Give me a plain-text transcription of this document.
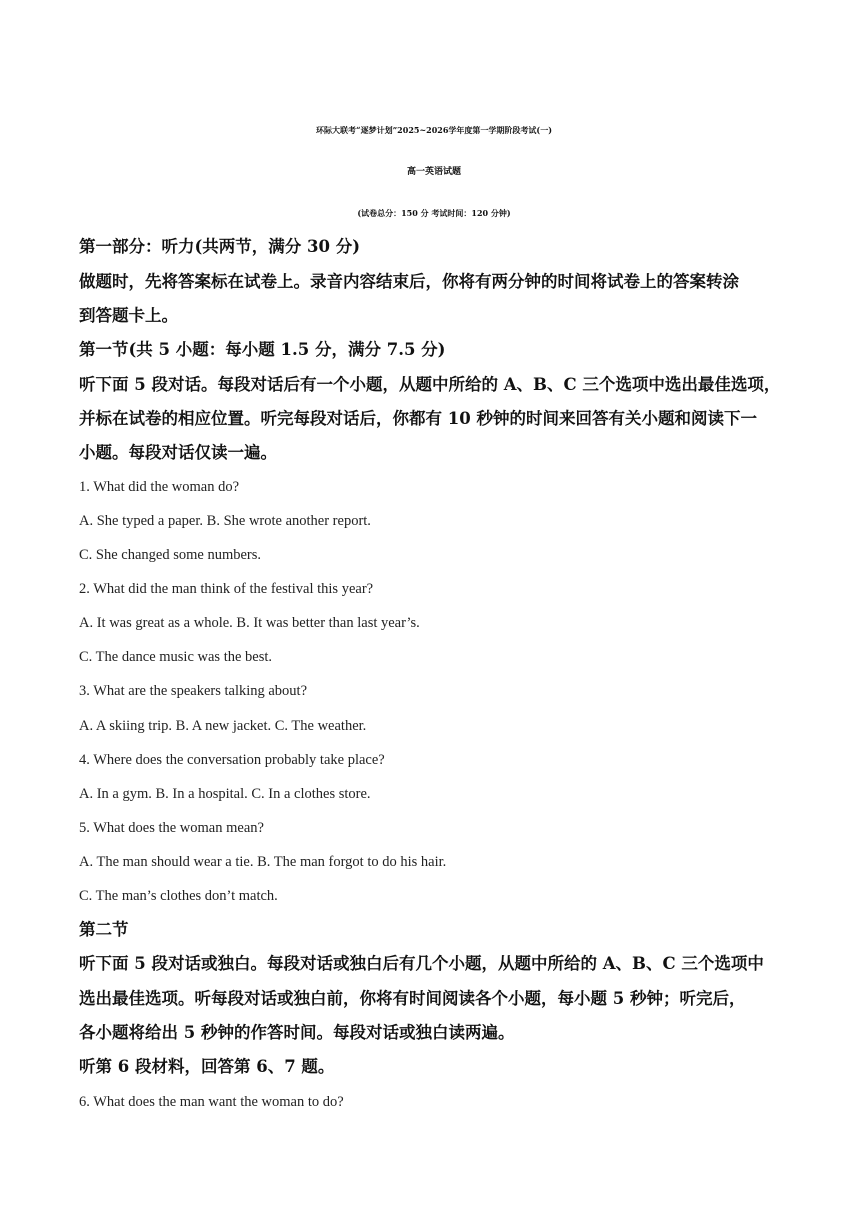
环际大联考“逐梦计划”2025~2026学年度第一学期阶段考试(一)
高一英语试题
(试卷总分：150 分 考试时间：120 分钟)
第一部分：听力(共两节，满分 30 分)
做题时，先将答案标在试卷上。录音内容结束后，你将有两分钟的时间将试卷上的答案转涂
到答题卡上。
第一节(共 5 小题：每小题 1.5 分，满分 7.5 分)
听下面 5 段对话。每段对话后有一个小题，从题中所给的 A、B、C 三个选项中选出最佳选项，
并标在试卷的相应位置。听完每段对话后，你都有 10 秒钟的时间来回答有关小题和阅读下一
小题。每段对话仅读一遍。
1. What did the woman do?
A. She typed a paper. B. She wrote another report.
C. She changed some numbers.
2. What did the man think of the festival this year?
A. It was great as a whole. B. It was better than last year’s.
C. The dance music was the best.
3. What are the speakers talking about?
A. A skiing trip. B. A new jacket. C. The weather.
4. Where does the conversation probably take place?
A. In a gym. B. In a hospital. C. In a clothes store.
5. What does the woman mean?
A. The man should wear a tie. B. The man forgot to do his hair.
C. The man’s clothes don’t match.
第二节
听下面 5 段对话或独白。每段对话或独白后有几个小题，从题中所给的 A、B、C 三个选项中
选出最佳选项。听每段对话或独白前，你将有时间阅读各个小题，每小题 5 秒钟；听完后，
各小题将给出 5 秒钟的作答时间。每段对话或独白读两遍。
听第 6 段材料，回答第 6、7 题。
6. What does the man want the woman to do?
